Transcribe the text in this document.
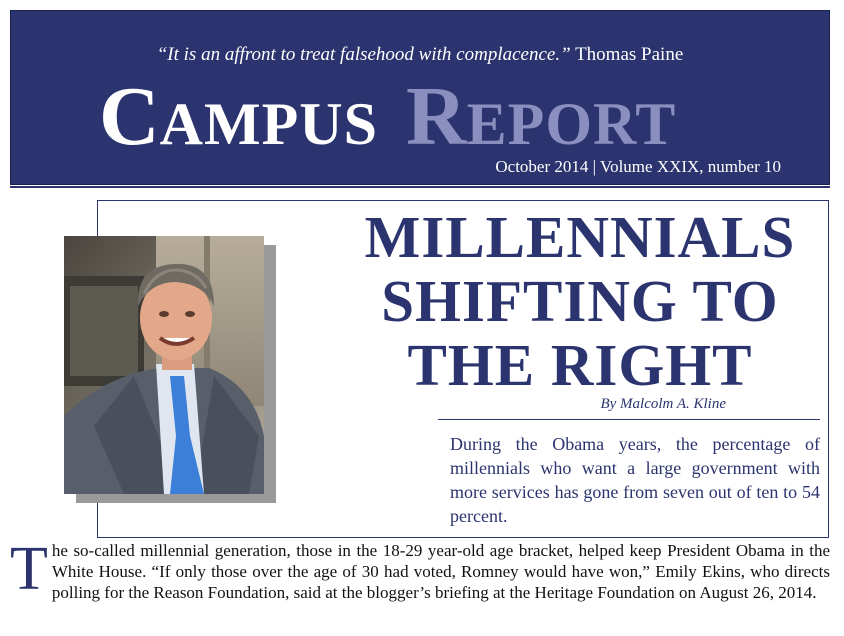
“It is an affront to treat falsehood with complacence.” Thomas Paine
CAMPUS REPORT
October 2014 | Volume XXIX, number 10
MILLENNIALS
SHIFTING TO
THE RIGHT
By Malcolm A. Kline
During the Obama years, the percentage of millennials who want a large government with more services has gone from seven out of ten to 54 percent.
T he so-called millennial generation, those in the 18-29 year-old age bracket, helped keep President Obama in the White House. “If only those over the age of 30 had voted, Romney would have won,” Emily Ekins, who directs polling for the Reason Foundation, said at the blogger’s briefing at the Heritage Foundation on August 26, 2014.
